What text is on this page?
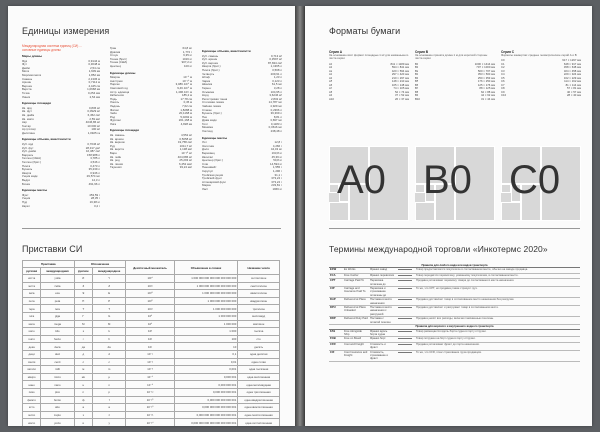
Единицы измерения
Международная система единиц (СИ) ... основные единицы длины
Меры длины
Ярд	0,9144 м
Фут	0,3048 м
Дюйм	2,54 см
Миля	1,609 км
Морская миля	1,852 км
Сажень	2,1336 м
Аршин	0,7112 м
Вершок	4,445 см
Верста	1,0668 км
Точка	0,254 мм
Линия	2,54 мм
Единицы площади
Кв. ярд	0,836 м²
Кв. фут	0,0929 м²
Кв. дюйм	6,452 см²
Кв. миля	2,59 км²
Акр	4046,86 м²
Гектар	10 000 м²
Ар (сотка)	100 м²
Десятина	1,0925 га
Единицы объема, вместимости
Куб. ярд	0,7646 м³
Куб. фут	28,317 дм³
Куб. дюйм	16,387 см³
Баррель	158,988 л
Галлон (США)	3,785 л
Галлон (брит.)	4,546 л
Пинта	0,473 л
Бушель	35,239 л
Кварта	0,946 л
Унция жидк.	29,574 мл
Ведро	12,3 л
Бочка	491,96 л
Единицы массы
Фунт	453,59 г
Унция	28,35 г
Пуд	16,38 кг
Карат	0,2 г
Гран	64,8 мг
Драхма	1,772 г
Стоун	6,35 кг
Тонна (брит.)	1016 кг
Тонна (США)	907,2 кг
Центнер	100 кг
Единицы длины
Микрон	10⁻⁶ м
Ангстрем	10⁻¹⁰ м
Парсек	3,086·10¹⁶ м
Световой год	9,46·10¹⁵ м
Астр. единица	1,496·10¹¹ м
Кабельтов	185,2 м
Пядь	17,78 см
Локоть	0,45 м
Ладонь	7,62 см
Фатом	1,8288 м
Чейн	20,1168 м
Род	5,0292 м
Фурлонг	201,168 м
Лига	4,828 км
Единицы площади
Кв. сажень	4,552 м²
Кв. аршин	0,5058 м²
Кв. вершок	19,758 см²
Руд	1011,7 м²
Кв. верста	1,138 км²
Барн	10⁻²⁸ м²
Кв. чейн	404,686 м²
Кв. род	25,293 м²
Кв. линия	6,452 мм²
Тауншип	93,24 км²
Единицы объема, вместимости
Куб. сажень	9,713 м³
Куб. аршин	0,3597 м³
Куб. вершок	87,824 см³
Кварта (брит.)	1,1365 л
Пинта (брит.)	0,568 л
Четверть	209,91 л
Штоф	1,23 л
Чарка	0,123 л
Шкалик	61,5 мл
Гарнец	3,28 л
Осьмина	104,95 л
Корд	3,6246 м³
Регистровая тонна	2,832 м³
Столовая ложка	14,787 мл
Чайная ложка	4,929 мл
Стакан	0,2366 л
Бушель (брит.)	36,369 л
Пек	8,81 л
Драм жидк.	3,697 мл
Гилл	0,1183 л
Минима	0,0616 мл
Хогсхед	238,48 л
Единицы массы
Лот	12,8 г
Золотник	4,266 г
Доля	44,43 мг
Берковец	163,8 кг
Квинтал	45,36 кг
Центнер (брит.)	50,8 кг
Слаг	14,594 кг
Пеннивейт	1,555 г
Скрупул	1,296 г
Тройская унция	31,1 г
Тройский фунт	373,24 г
Аптекарский фунт	373,24 г
Марка	233,81 г
Ласт	1966 кг
Приставки СИ
Приставка		Обозначение		Десятичный множитель	Объявление в словах	Название числа
русская	международная	русское	международное			
иотта	yotta	И	Y	10²⁴	1 000 000 000 000 000 000 000 000	септиллион
зетта	zetta	З	Z	10²¹	1 000 000 000 000 000 000 000	секстиллион
экса	exa	Э	E	10¹⁸	1 000 000 000 000 000 000	квинтиллион
пета	peta	П	P	10¹⁵	1 000 000 000 000 000	квадриллион
тера	tera	Т	T	10¹²	1 000 000 000 000	триллион
гига	giga	Г	G	10⁹	1 000 000 000	миллиард
мега	mega	М	M	10⁶	1 000 000	миллион
кило	kilo	к	k	10³	1 000	тысяча
гекто	hecto	г	h	10²	100	сто
дека	deca	да	da	10¹	10	десять
деци	deci	д	d	10⁻¹	0,1	одна десятая
санти	centi	с	c	10⁻²	0,01	одна сотая
милли	milli	м	m	10⁻³	0,001	одна тысячная
микро	micro	мк	µ	10⁻⁶	0,000 001	одна миллионная
нано	nano	н	n	10⁻⁹	0,000 000 001	одна миллиардная
пико	pico	п	p	10⁻¹²	0,000 000 000 001	одна триллионная
фемто	femto	ф	f	10⁻¹⁵	0,000 000 000 000 001	одна квадриллионная
атто	atto	а	a	10⁻¹⁸	0,000 000 000 000 000 001	одна квинтиллионная
зепто	zepto	з	z	10⁻²¹	0,000 000 000 000 000 000 001	одна секстиллионная
иокто	yocto	и	y	10⁻²⁴	0,000 000 000 000 000 000 000 001	одна септиллионная
Форматы бумаги
Термины международной торговли «Инкотермс 2020»
Правила для любого вида или видов транспорта				
EXW	Ex Works	Франко завод		Товар предоставляется покупателю в согласованном месте, обычно на заводе продавца.
FCA	Free Carrier	Франко перевозчик		Товар передаётся перевозчику, указанному покупателем, в согласованном месте.
CPT	Carriage Paid To	Перевозка оплачена до		Продавец оплачивает перевозку товара до согласованного места назначения.
CIP	Carriage and Insurance Paid To	Перевозка и страхование оплачены до		То же, что CPT, но продавец также страхует груз.
DAP	Delivered at Place	Поставка в месте назначения		Продавец доставляет товар в согласованное место назначения без разгрузки.
DPU	Delivered at Place Unloaded	Поставка в месте назначения с разгрузкой		Продавец доставляет и разгружает товар в согласованном месте.
DDP	Delivered Duty Paid	Поставка с оплатой пошлин		Продавец несёт все расходы, включая таможенные пошлины.
Правила для морского и внутреннего водного транспорта				
FAS	Free Alongside Ship	Франко вдоль борта судна		Товар размещается вдоль борта судна в порту отгрузки.
FOB	Free on Board	Франко борт		Товар погружен на борт судна в порту отгрузки.
CFR	Cost and Freight	Стоимость и фрахт		Продавец оплачивает фрахт до порта назначения.
CIF	Cost Insurance and Freight	Стоимость, страхование и фрахт		То же, что CFR, плюс страхование груза продавцом.
Серия А
За основание взят формат площадью 1 м² для наименьшего листа серии
A0	841 × 1189 мм
A1	594 × 841 мм
A2	420 × 594 мм
A3	297 × 420 мм
A4	210 × 297 мм
A5	148 × 210 мм
A6	105 × 148 мм
A7	74 × 105 мм
A8	52 × 74 мм
A9	37 × 52 мм
A10	26 × 37 мм
A0
Серия В
За основание принята длина 1 м для короткой стороны листа серии
B0	1000 × 1414 мм
B1	707 × 1000 мм
B2	500 × 707 мм
B3	353 × 500 мм
B4	250 × 353 мм
B5	176 × 250 мм
B6	125 × 176 мм
B7	88 × 125 мм
B8	62 × 88 мм
B9	44 × 62 мм
B10	31 × 44 мм
B0
Серия С
Форматы конвертов: среднее геометрическое серий А и В
C0	917 × 1297 мм
C1	648 × 917 мм
C2	458 × 648 мм
C3	324 × 458 мм
C4	229 × 324 мм
C5	162 × 229 мм
C6	114 × 162 мм
C7	81 × 114 мм
C8	57 × 81 мм
C9	40 × 57 мм
C10	28 × 40 мм
C0
